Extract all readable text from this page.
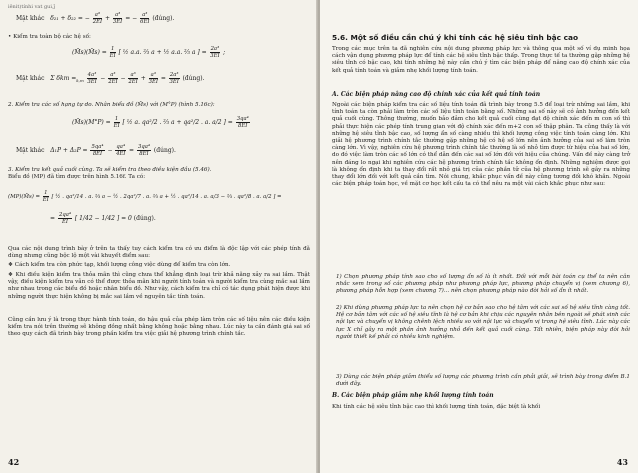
iênit)tínhi vat gui,ĵ
Mặt khác δ₂₁ + δ₂₂ = − $\frac{\text{a³}}{2EI} + \frac{\text{a³}}{3EI}$ = − $\frac{\text{a³}}{6EI}$ (đúng).
• Kiểm tra toàn bộ các hệ số:
(M̄s)(M̄s) = $\frac{1}{EI}$ [ ½ a.a. ⅔ a + ½ a.a. ⅔ a ] = $\frac{\text{2a³}}{3EI}$ ;
Mặt khác Σ $\delta km =_{k,m} \frac{\text{4a³}}{3EI} - \frac{\text{a³}}{2EI} - \frac{\text{a³}}{2EI} + \frac{\text{a³}}{3EI} = \frac{\text{2a³}}{3EI}$ (đúng).
2. Kiểm tra các số hạng tự do. Nhân biểu đồ (M̄s) với (M°P) (hình 5.16c):
(M̄s)(M°P) = $\frac{1}{EI}$ [ ½ a. qa²/2 . ⅔ a + qa²/2 . a. a/2 ] = $\frac{\text{3qa⁴}}{8EI}$
Mặt khác $\Delta_1P + \Delta_2P = \frac{\text{5qa⁴}}{8EI} - \frac{\text{qa⁴}}{4EI} = \frac{\text{3qa⁴}}{8EI}$ (đúng).
3. Kiểm tra kết quả cuối cùng. Ta sẽ kiểm tra theo điều kiện đầu (5.46).
Biểu đồ (MP) đã tìm được trên hình 5.16f. Ta có:
(MP)(M̄s) = $\frac{1}{EI}$ [ ½ . qa²/14 . a. ⅔ a − ½ . 2qa²/7 . a. ⅔ a + ½ . qa²/14 . a. a/3 − ⅔ . qa²/8 . a. a/2 ] =
= $\frac{\text{2qa⁴}}{EI}$ [ 1/42 − 1/42 ] = 0 (đúng).
Qua các nội dung trình bày ở trên ta thấy tuy cách kiểm tra có ưu điểm là độc lập với các phép tính đã dùng nhưng cũng bộc lộ một vài khuyết điểm sau:
❖ Cách kiểm tra còn phức tạp, khối lượng công việc dùng để kiểm tra còn lớn.
❖ Khi điều kiện kiểm tra thỏa mãn thì cũng chưa thể khẳng định loại trừ khả năng xảy ra sai lầm. Thật vậy, điều kiện kiểm tra vẫn có thể được thỏa mãn khi người tính toán và người kiểm tra cùng mắc sai lầm như nhau trong các biểu đồ hoặc nhân biểu đồ. Như vậy, cách kiểm tra chỉ có tác dụng phát hiện được khi những người thực hiện không bị mắc sai lầm về nguyên tắc tính toán.
Cũng cần lưu ý là trong thực hành tính toán, do hậu quả của phép làm tròn các số liệu nên các điều kiện kiểm tra nói trên thường sẽ không đồng nhất bằng không hoặc bằng nhau. Lúc này ta cần đánh giá sai số theo quy cách đã trình bày trong phần kiểm tra việc giải hệ phương trình chính tắc.
42
5.6. Một số điều cần chú ý khi tính các hệ siêu tĩnh bậc cao
Trong các mục trên ta đã nghiên cứu nội dung phương pháp lực và thông qua một số ví dụ minh họa cách vận dụng phương pháp lực để tính các hệ siêu tĩnh bậc thấp. Trong thực tế ta thường gặp những hệ siêu tĩnh có bậc cao, khi tính những hệ này cần chú ý tìm các biện pháp để nâng cao độ chính xác của kết quả tính toán và giảm nhẹ khối lượng tính toán.
A. Các biện pháp nâng cao độ chính xác của kết quả tính toán
Ngoài các biện pháp kiểm tra các số liệu tính toán đã trình bày trong 5.5 để loại trừ những sai lầm, khi tính toán ta còn phải làm tròn các số liệu tính toán bằng số. Những sai số này sẽ có ảnh hưởng đến kết quả cuối cùng. Thông thường, muốn bảo đảm cho kết quả cuối cùng đạt độ chính xác đến m con số thì phải thực hiện các phép tính trung gian với độ chính xác đến m+2 con số thập phân. Ta cũng thấy là với những hệ siêu tĩnh bậc cao, số lượng ẩn số càng nhiều thì khối lượng công việc tính toán càng lớn. Khi giải hệ phương trình chính tắc thường gặp những hệ có hệ số lớn nên ảnh hưởng của sai số làm tròn càng lớn. Vì vậy, nghiên cứu hệ phương trình chính tắc thường là số nhỏ tìm được từ hiệu của hai số lớn, do đó việc làm tròn các số lớn có thể dẫn đến các sai số lớn đối với hiệu của chúng. Vấn đề này càng trở nên đáng lo ngại khi nghiên cứu các hệ phương trình chính tắc không ổn định. Những nghiệm được gọi là không ổn định khi ta thay đổi rất nhỏ giá trị của các phần tử của hệ phương trình sẽ gây ra những thay đổi lớn đối với kết quả cần tìm. Nói chung, khắc phục vấn đề này cũng tương đối khó khăn. Ngoài các biện pháp toán học, về mặt cơ học kết cấu ta có thể nêu ra một vài cách khắc phục như sau:
1) Chọn phương pháp tính sao cho số lượng ẩn số là ít nhất. Đối với mỗi bài toán cụ thể ta nên cân nhắc xem trong số các phương pháp như phương pháp lực, phương pháp chuyển vị (xem chương 6), phương pháp hỗn hợp (xem chương 7)... nên chọn phương pháp nào đòi hỏi số ẩn ít nhất.
2) Khi dùng phương pháp lực ta nên chọn hệ cơ bản sao cho hệ tâm với các sai số hệ siêu tĩnh càng tốt. Hệ cơ bản tâm với các số hệ siêu tĩnh là hệ cơ bản khi chịu các nguyên nhân bên ngoài sẽ phát sinh các nội lực và chuyển vị không chênh lệch nhiều so với nội lực và chuyển vị trong hệ siêu tĩnh. Lúc này các lực X chỉ gây ra một phần ảnh hưởng nhỏ đến kết quả cuối cùng. Tất nhiên, biện pháp này đòi hỏi người thiết kế phải có nhiều kinh nghiệm.
3) Dùng các biện pháp giảm thiểu số lượng các phương trình cần phải giải, sẽ trình bày trong điểm B.1 dưới đây.
B. Các biện pháp giảm nhẹ khối lượng tính toán
Khi tính các hệ siêu tĩnh bậc cao thì khối lượng tính toán, đặc biệt là khối
43
